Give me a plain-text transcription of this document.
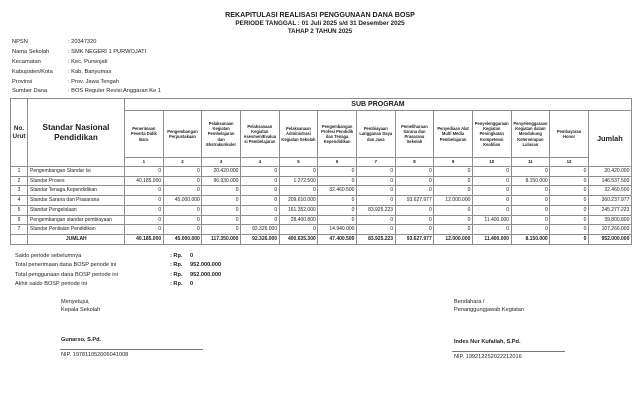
REKAPITULASI REALISASI PENGGUNAAN DANA BOSP
PERIODE TANGGAL : 01 Juli 2025 s/d 31 Desember 2025
TAHAP 2 TAHUN 2025
NPSN	: 20347320
Nama Sekolah	: SMK NEGERI 1 PURWOJATI
Kecamatan	: Kec. Purwojati
Kabupaten/Kota	: Kab. Banyumas
Provinsi	: Prov. Jawa Tengah
Sumber Dana	: BOS Reguler Revisi Anggaran Ke 1
No. Urut	Standar Nasional Pendidikan	SUB PROGRAM												
		Penerimaan Peserta Didik Baru	Pengembangan Perpustakaan	Pelaksanaan Kegiatan Pembelajaran dan Ekstrakurikuler	Pelaksanaan Kegiatan Asesmen/Evaluasi Pembelajaran	Pelaksanaan Administrasi Kegiatan Sekolah	Pengembangan Profesi Pendidik dan Tenaga Kependidikan	Pembiayaan Langganan Daya dan Jasa	Pemeliharaan Sarana dan Prasarana Sekolah	Penyediaan Alat Multi Media Pembelajaran	Penyelenggaraan Kegiatan Peningkatan Kompetensi Keahlian	Penyelenggaraan Kegiatan dalam Mendukung Keterserapan Lulusan	Pembayaran Honor	Jumlah
		1	2	3	4	5	6	7	8	9	10	11	12	
1	Pengembangan Standar Isi	0	0	20.420.000	0	0	0	0	0	0	0	0	0	20.420.000
2	Standar Proses	40.185.000	0	96.930.000	0	1.272.500	0	0	0	0	0	8.150.000	0	146.537.500
3	Standar Tenaga Kependidikan	0	0	0	0	0	32.460.500	0	0	0	0	0	0	32.460.500
4	Standar Sarana dan Prasarana	0	45.000.000	0	0	209.610.000	0	0	93.627.977	12.000.000	0	0	0	360.237.977
5	Standar Pengelolaan	0	0	0	0	161.352.000	0	83.925.223	0	0	0	0	0	245.277.223
6	Pengembangan standar pembiayaan	0	0	0	0	28.400.800	0	0	0	0	11.400.000	0	0	39.800.800
7	Standar Penilaian Pendidikan	0	0	0	92.326.000	0	14.940.000	0	0	0	0	0	0	107.266.000
	JUMLAH	40.185.000	45.000.000	117.350.000	92.326.000	400.635.300	47.400.500	83.925.223	93.627.977	12.000.000	11.400.000	8.150.000	0	952.000.000
Saldo periode sebelumnya	: Rp. 0
Total penerimaan dana BOSP periode ini	: Rp. 952.000.000
Total penggunaan dana BOSP periode ini	: Rp. 952.000.000
Akhir saldo BOSP periode ini	: Rp. 0
Menyetujui,
Kepala Sekolah
Gunarso, S.Pd.
NIP. 197811052006041008
Bendahara /
Penanggungjawab Kegiatan
Indes Nur Kufailah, S.Pd.
NIP. 199212252022212016
